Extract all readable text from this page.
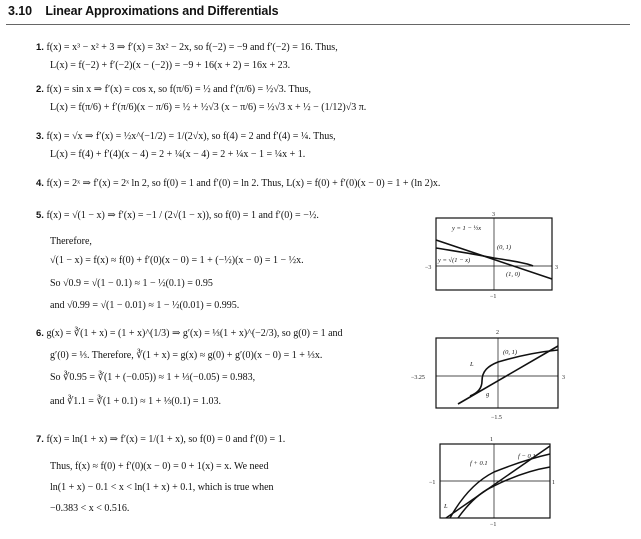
3.10 Linear Approximations and Differentials
1. f(x) = x³ − x² + 3 ⇒ f′(x) = 3x² − 2x, so f(−2) = −9 and f′(−2) = 16. Thus,
L(x) = f(−2) + f′(−2)(x − (−2)) = −9 + 16(x + 2) = 16x + 23.
2. f(x) = sin x ⇒ f′(x) = cos x, so f(π/6) = ½ and f′(π/6) = ½√3. Thus,
L(x) = f(π/6) + f′(π/6)(x − π/6) = ½ + ½√3 (x − π/6) = ½√3 x + ½ − (1/12)√3 π.
3. f(x) = √x ⇒ f′(x) = ½x^(−1/2) = 1/(2√x), so f(4) = 2 and f′(4) = ¼. Thus,
L(x) = f(4) + f′(4)(x − 4) = 2 + ¼(x − 4) = 2 + ¼x − 1 = ¼x + 1.
4. f(x) = 2ˣ ⇒ f′(x) = 2ˣ ln 2, so f(0) = 1 and f′(0) = ln 2. Thus, L(x) = f(0) + f′(0)(x − 0) = 1 + (ln 2)x.
5. f(x) = √(1 − x) ⇒ f′(x) = −1 / (2√(1 − x)), so f(0) = 1 and f′(0) = −½.
Therefore,
√(1 − x) = f(x) ≈ f(0) + f′(0)(x − 0) = 1 + (−½)(x − 0) = 1 − ½x.
So √0.9 = √(1 − 0.1) ≈ 1 − ½(0.1) = 0.95
and √0.99 = √(1 − 0.01) ≈ 1 − ½(0.01) = 0.995.
6. g(x) = ∛(1 + x) = (1 + x)^(1/3) ⇒ g′(x) = ⅓(1 + x)^(−2/3), so g(0) = 1 and
g′(0) = ⅓. Therefore, ∛(1 + x) = g(x) ≈ g(0) + g′(0)(x − 0) = 1 + ⅓x.
So ∛0.95 = ∛(1 + (−0.05)) ≈ 1 + ⅓(−0.05) = 0.983,
and ∛1.1 = ∛(1 + 0.1) ≈ 1 + ⅓(0.1) = 1.03.
7. f(x) = ln(1 + x) ⇒ f′(x) = 1/(1 + x), so f(0) = 0 and f′(0) = 1.
Thus, f(x) ≈ f(0) + f′(0)(x − 0) = 0 + 1(x) = x. We need
ln(1 + x) − 0.1 < x < ln(1 + x) + 0.1, which is true when
−0.383 < x < 0.516.
3
y = 1 − ½x
(0, 1)
y = √(1 − x)
(1, 0)
−3	3
−1
2
(0, 1)
L
g
−3.25	3
−1.5
1
f + 0.1
f − 0.1
L
−1	1
−1
